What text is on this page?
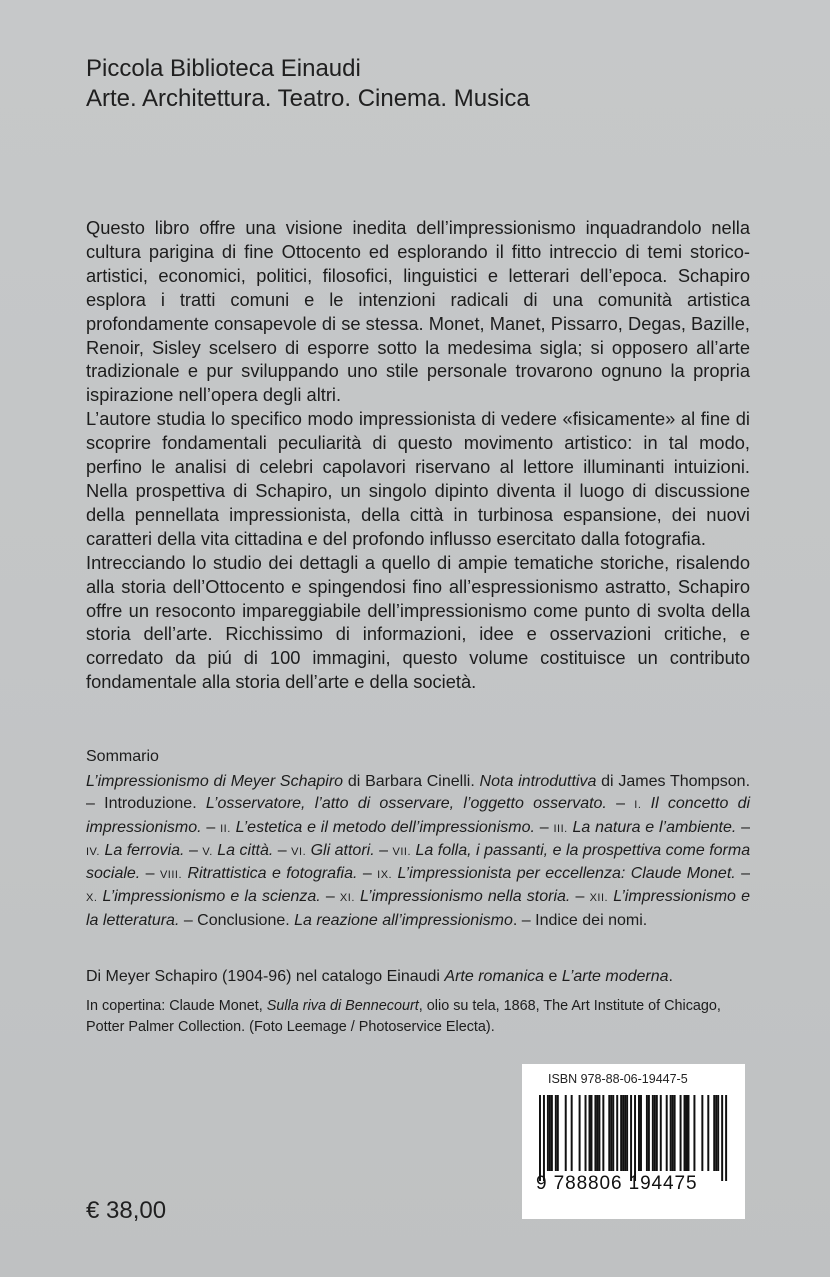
Piccola Biblioteca Einaudi
Arte. Architettura. Teatro. Cinema. Musica

Questo libro offre una visione inedita dell’impressionismo inquadrandolo nella cultura parigina di fine Ottocento ed esplorando il fitto intreccio di temi storico-artistici, economici, politici, filosofici, linguistici e letterari dell’epoca. Schapiro esplora i tratti comuni e le intenzioni radicali di una comunità artistica profondamente consapevole di se stessa. Monet, Manet, Pissarro, Degas, Bazille, Renoir, Sisley scelsero di esporre sotto la medesima sigla; si opposero all’arte tradizionale e pur sviluppando uno stile personale trovarono ognuno la propria ispirazione nell’opera degli altri.

L’autore studia lo specifico modo impressionista di vedere «fisicamente» al fine di scoprire fondamentali peculiarità di questo movimento artistico: in tal modo, perfino le analisi di celebri capolavori riservano al lettore illuminanti intuizioni. Nella prospettiva di Schapiro, un singolo dipinto diventa il luogo di discussione della pennellata impressionista, della città in turbinosa espansione, dei nuovi caratteri della vita cittadina e del profondo influsso esercitato dalla fotografia.

Intrecciando lo studio dei dettagli a quello di ampie tematiche storiche, risalendo alla storia dell’Ottocento e spingendosi fino all’espressionismo astratto, Schapiro offre un resoconto impareggiabile dell’impressionismo come punto di svolta della storia dell’arte. Ricchissimo di informazioni, idee e osservazioni critiche, e corredato da piú di 100 immagini, questo volume costituisce un contributo fondamentale alla storia dell’arte e della società.

Sommario
L’impressionismo di Meyer Schapiro di Barbara Cinelli. Nota introduttiva di James Thompson. – Introduzione. L’osservatore, l’atto di osservare, l’oggetto osservato. – I. Il concetto di impressionismo. – II. L’estetica e il metodo dell’impressionismo. – III. La natura e l’ambiente. – IV. La ferrovia. – V. La città. – VI. Gli attori. – VII. La folla, i passanti, e la prospettiva come forma sociale. – VIII. Ritrattistica e fotografia. – IX. L’impressionista per eccellenza: Claude Monet. – X. L’impressionismo e la scienza. – XI. L’impressionismo nella storia. – XII. L’impressionismo e la letteratura. – Conclusione. La reazione all’impressionismo. – Indice dei nomi.
Di Meyer Schapiro (1904-96) nel catalogo Einaudi Arte romanica e L’arte moderna.
In copertina: Claude Monet, Sulla riva di Bennecourt, olio su tela, 1868, The Art Institute of Chicago, Potter Palmer Collection. (Foto Leemage / Photoservice Electa).
ISBN 978-88-06-19447-5
9 788806 194475
€ 38,00
